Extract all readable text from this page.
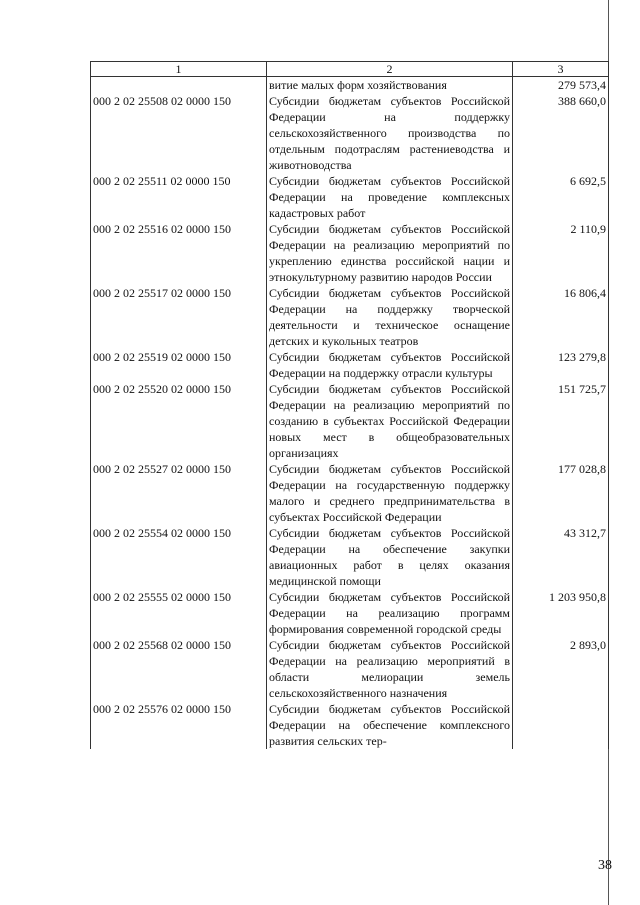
1	2	3
	витие малых форм хозяйствования	279 573,4
000 2 02 25508 02 0000 150	Субсидии бюджетам субъектов Российской Федерации на поддержку сельскохозяйственного производства по отдельным подотраслям растениеводства и животноводства	388 660,0
000 2 02 25511 02 0000 150	Субсидии бюджетам субъектов Российской Федерации на проведение комплексных кадастровых работ	6 692,5
000 2 02 25516 02 0000 150	Субсидии бюджетам субъектов Российской Федерации на реализацию мероприятий по укреплению единства российской нации и этнокультурному развитию народов России	2 110,9
000 2 02 25517 02 0000 150	Субсидии бюджетам субъектов Российской Федерации на поддержку творческой деятельности и техническое оснащение детских и кукольных театров	16 806,4
000 2 02 25519 02 0000 150	Субсидии бюджетам субъектов Российской Федерации на поддержку отрасли культуры	123 279,8
000 2 02 25520 02 0000 150	Субсидии бюджетам субъектов Российской Федерации на реализацию мероприятий по созданию в субъектах Российской Федерации новых мест в общеобразовательных организациях	151 725,7
000 2 02 25527 02 0000 150	Субсидии бюджетам субъектов Российской Федерации на государственную поддержку малого и среднего предпринимательства в субъектах Российской Федерации	177 028,8
000 2 02 25554 02 0000 150	Субсидии бюджетам субъектов Российской Федерации на обеспечение закупки авиационных работ в целях оказания медицинской помощи	43 312,7
000 2 02 25555 02 0000 150	Субсидии бюджетам субъектов Российской Федерации на реализацию программ формирования современной городской среды	1 203 950,8
000 2 02 25568 02 0000 150	Субсидии бюджетам субъектов Российской Федерации на реализацию мероприятий в области мелиорации земель сельскохозяйственного назначения	2 893,0
000 2 02 25576 02 0000 150	Субсидии бюджетам субъектов Российской Федерации на обеспечение комплексного развития сельских тер-	
38
